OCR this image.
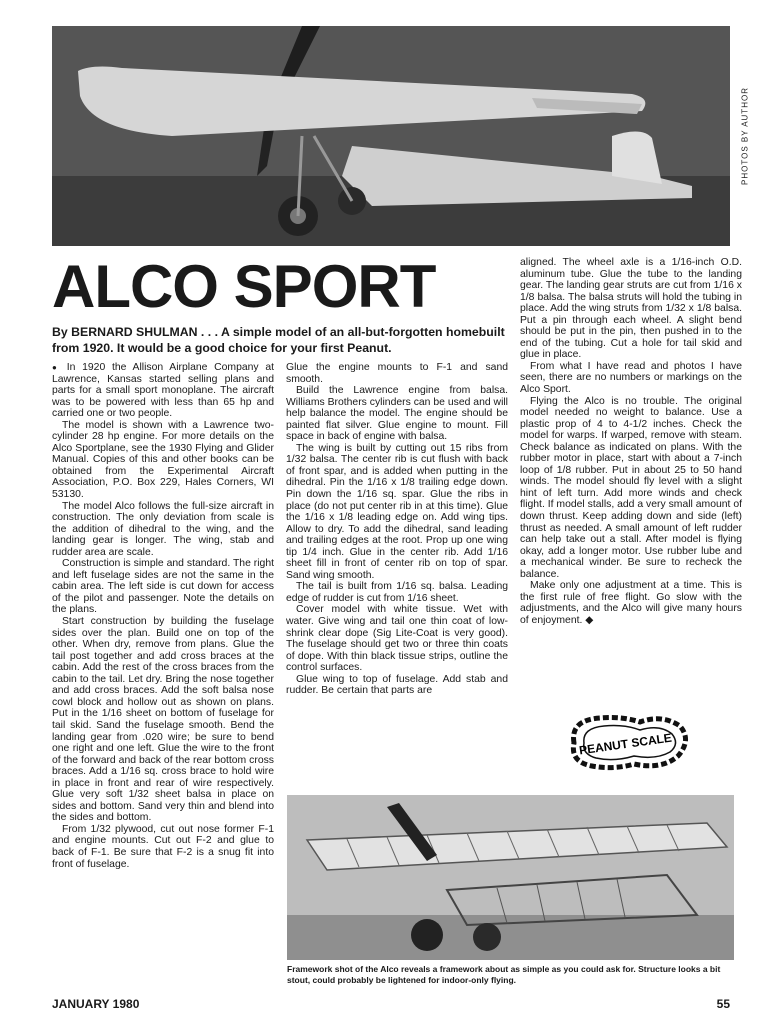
PHOTOS BY AUTHOR
ALCO SPORT
By BERNARD SHULMAN . . . A simple model of an all-but-forgotten homebuilt from 1920. It would be a good choice for your first Peanut.

● In 1920 the Allison Airplane Company at Lawrence, Kansas started selling plans and parts for a small sport monoplane. The aircraft was to be powered with less than 65 hp and carried one or two people.

The model is shown with a Lawrence two-cylinder 28 hp engine. For more details on the Alco Sportplane, see the 1930 Flying and Glider Manual. Copies of this and other books can be obtained from the Experimental Aircraft Association, P.O. Box 229, Hales Corners, WI 53130.

The model Alco follows the full-size aircraft in construction. The only deviation from scale is the addition of dihedral to the wing, and the landing gear is longer. The wing, stab and rudder area are scale.

Construction is simple and standard. The right and left fuselage sides are not the same in the cabin area. The left side is cut down for access of the pilot and passenger. Note the details on the plans.

Start construction by building the fuselage sides over the plan. Build one on top of the other. When dry, remove from plans. Glue the tail post together and add cross braces at the cabin. Add the rest of the cross braces from the cabin to the tail. Let dry. Bring the nose together and add cross braces. Add the soft balsa nose cowl block and hollow out as shown on plans. Put in the 1/16 sheet on bottom of fuselage for tail skid. Sand the fuselage smooth. Bend the landing gear from .020 wire; be sure to bend one right and one left. Glue the wire to the front of the forward and back of the rear bottom cross braces. Add a 1/16 sq. cross brace to hold wire in place in front and rear of wire respectively. Glue very soft 1/32 sheet balsa in place on sides and bottom. Sand very thin and blend into the sides and bottom.

From 1/32 plywood, cut out nose former F-1 and engine mounts. Cut out F-2 and glue to back of F-1. Be sure that F-2 is a snug fit into front of fuselage.

Glue the engine mounts to F-1 and sand smooth.

Build the Lawrence engine from balsa. Williams Brothers cylinders can be used and will help balance the model. The engine should be painted flat silver. Glue engine to mount. Fill space in back of engine with balsa.

The wing is built by cutting out 15 ribs from 1/32 balsa. The center rib is cut flush with back of front spar, and is added when putting in the dihedral. Pin the 1/16 x 1/8 trailing edge down. Pin down the 1/16 sq. spar. Glue the ribs in place (do not put center rib in at this time). Glue the 1/16 x 1/8 leading edge on. Add wing tips. Allow to dry. To add the dihedral, sand leading and trailing edges at the root. Prop up one wing tip 1/4 inch. Glue in the center rib. Add 1/16 sheet fill in front of center rib on top of spar. Sand wing smooth.

The tail is built from 1/16 sq. balsa. Leading edge of rudder is cut from 1/16 sheet.

Cover model with white tissue. Wet with water. Give wing and tail one thin coat of low-shrink clear dope (Sig Lite-Coat is very good). The fuselage should get two or three thin coats of dope. With thin black tissue strips, outline the control surfaces.

Glue wing to top of fuselage. Add stab and rudder. Be certain that parts are

aligned. The wheel axle is a 1/16-inch O.D. aluminum tube. Glue the tube to the landing gear. The landing gear struts are cut from 1/16 x 1/8 balsa. The balsa struts will hold the tubing in place. Add the wing struts from 1/32 x 1/8 balsa. Put a pin through each wheel. A slight bend should be put in the pin, then pushed in to the end of the tubing. Cut a hole for tail skid and glue in place.

From what I have read and photos I have seen, there are no numbers or markings on the Alco Sport.

Flying the Alco is no trouble. The original model needed no weight to balance. Use a plastic prop of 4 to 4-1/2 inches. Check the model for warps. If warped, remove with steam. Check balance as indicated on plans. With the rubber motor in place, start with about a 7-inch loop of 1/8 rubber. Put in about 25 to 50 hand winds. The model should fly level with a slight hint of left turn. Add more winds and check flight. If model stalls, add a very small amount of down thrust. Keep adding down and side (left) thrust as needed. A small amount of left rudder can help take out a stall. After model is flying okay, add a longer motor. Use rubber lube and a mechanical winder. Be sure to recheck the balance.

Make only one adjustment at a time. This is the first rule of free flight. Go slow with the adjustments, and the Alco will give many hours of enjoyment. ◆

PEANUT SCALE
Framework shot of the Alco reveals a framework about as simple as you could ask for. Structure looks a bit stout, could probably be lightened for indoor-only flying.
JANUARY 1980	55
